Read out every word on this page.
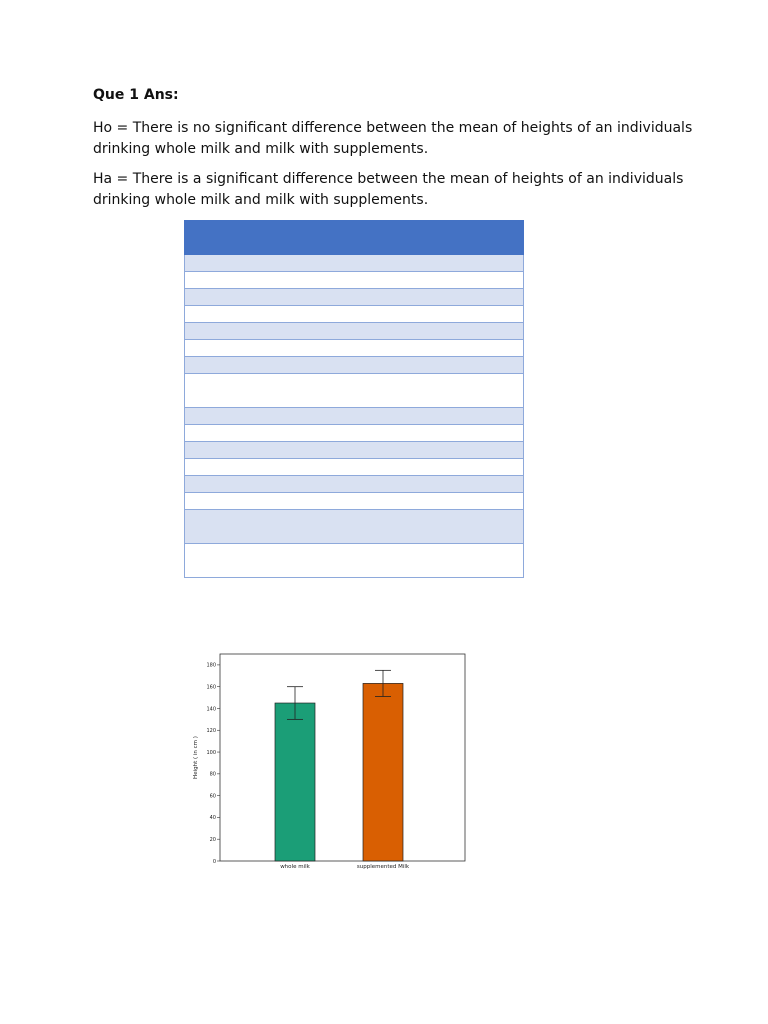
Que 1 Ans:
Ho = There is no significant difference between the mean of heights of an individuals
drinking whole milk and milk with supplements.
Ha = There is a significant difference between the mean of heights of an individuals
drinking whole milk and milk with supplements.

0
20
40
60
80
100
120
140
160
180
Height ( in cm )
whole milk	supplemented Milk
